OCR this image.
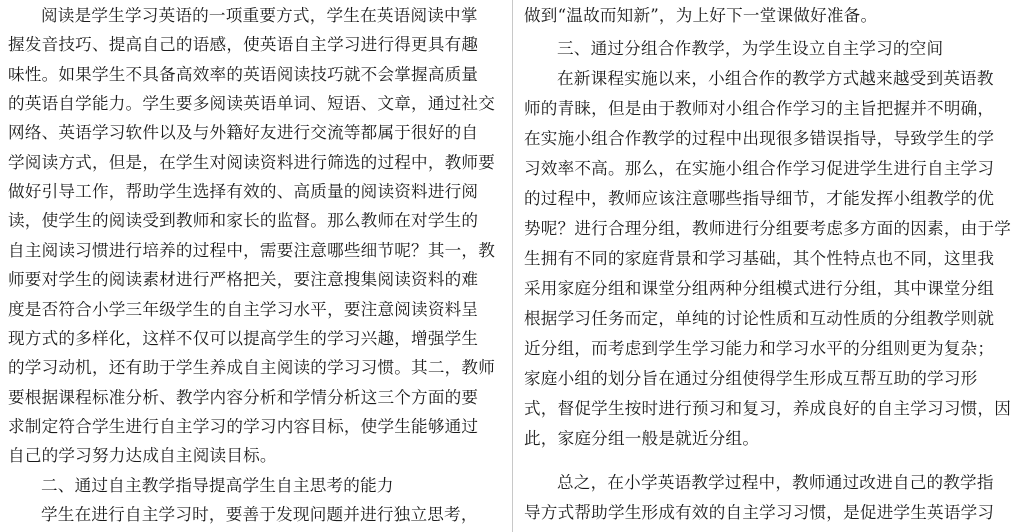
阅读是学生学习英语的一项重要方式，学生在英语阅读中掌
握发音技巧、提高自己的语感，使英语自主学习进行得更具有趣
味性。如果学生不具备高效率的英语阅读技巧就不会掌握高质量
的英语自学能力。学生要多阅读英语单词、短语、文章，通过社交
网络、英语学习软件以及与外籍好友进行交流等都属于很好的自
学阅读方式，但是，在学生对阅读资料进行筛选的过程中，教师要
做好引导工作，帮助学生选择有效的、高质量的阅读资料进行阅
读，使学生的阅读受到教师和家长的监督。那么教师在对学生的
自主阅读习惯进行培养的过程中，需要注意哪些细节呢？其一，教
师要对学生的阅读素材进行严格把关，要注意搜集阅读资料的难
度是否符合小学三年级学生的自主学习水平，要注意阅读资料呈
现方式的多样化，这样不仅可以提高学生的学习兴趣，增强学生
的学习动机，还有助于学生养成自主阅读的学习习惯。其二，教师
要根据课程标准分析、教学内容分析和学情分析这三个方面的要
求制定符合学生进行自主学习的学习内容目标，使学生能够通过
自己的学习努力达成自主阅读目标。
二、通过自主教学指导提高学生自主思考的能力
学生在进行自主学习时，要善于发现问题并进行独立思考，
做到“温故而知新”，为上好下一堂课做好准备。
三、通过分组合作教学，为学生设立自主学习的空间
在新课程实施以来，小组合作的教学方式越来越受到英语教
师的青睐，但是由于教师对小组合作学习的主旨把握并不明确，
在实施小组合作教学的过程中出现很多错误指导，导致学生的学
习效率不高。那么，在实施小组合作学习促进学生进行自主学习
的过程中，教师应该注意哪些指导细节，才能发挥小组教学的优
势呢？进行合理分组，教师进行分组要考虑多方面的因素，由于学
生拥有不同的家庭背景和学习基础，其个性特点也不同，这里我
采用家庭分组和课堂分组两种分组模式进行分组，其中课堂分组
根据学习任务而定，单纯的讨论性质和互动性质的分组教学则就
近分组，而考虑到学生学习能力和学习水平的分组则更为复杂；
家庭小组的划分旨在通过分组使得学生形成互帮互助的学习形
式，督促学生按时进行预习和复习，养成良好的自主学习习惯，因
此，家庭分组一般是就近分组。
总之，在小学英语教学过程中，教师通过改进自己的教学指
导方式帮助学生形成有效的自主学习习惯，是促进学生英语学习
